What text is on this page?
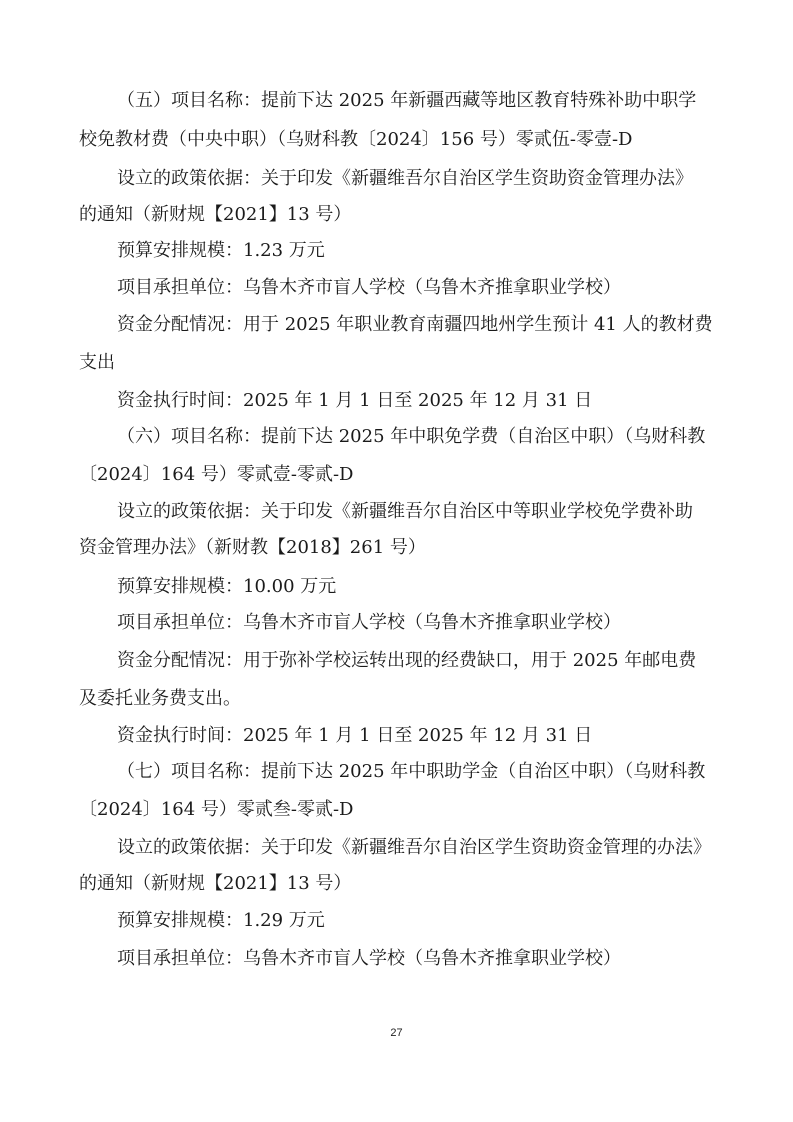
（五）项目名称：提前下达 2025 年新疆西藏等地区教育特殊补助中职学
校免教材费（中央中职）（乌财科教〔2024〕156 号）零贰伍-零壹-D
设立的政策依据：关于印发《新疆维吾尔自治区学生资助资金管理办法》
的通知（新财规【2021】13 号）
预算安排规模：1.23 万元
项目承担单位：乌鲁木齐市盲人学校（乌鲁木齐推拿职业学校）
资金分配情况：用于 2025 年职业教育南疆四地州学生预计 41 人的教材费
支出
资金执行时间：2025 年 1 月 1 日至 2025 年 12 月 31 日
（六）项目名称：提前下达 2025 年中职免学费（自治区中职）（乌财科教
〔2024〕164 号）零贰壹-零贰-D
设立的政策依据：关于印发《新疆维吾尔自治区中等职业学校免学费补助
资金管理办法》（新财教【2018】261 号）
预算安排规模：10.00 万元
项目承担单位：乌鲁木齐市盲人学校（乌鲁木齐推拿职业学校）
资金分配情况：用于弥补学校运转出现的经费缺口，用于 2025 年邮电费
及委托业务费支出。
资金执行时间：2025 年 1 月 1 日至 2025 年 12 月 31 日
（七）项目名称：提前下达 2025 年中职助学金（自治区中职）（乌财科教
〔2024〕164 号）零贰叁-零贰-D
设立的政策依据：关于印发《新疆维吾尔自治区学生资助资金管理的办法》
的通知（新财规【2021】13 号）
预算安排规模：1.29 万元
项目承担单位：乌鲁木齐市盲人学校（乌鲁木齐推拿职业学校）
27
